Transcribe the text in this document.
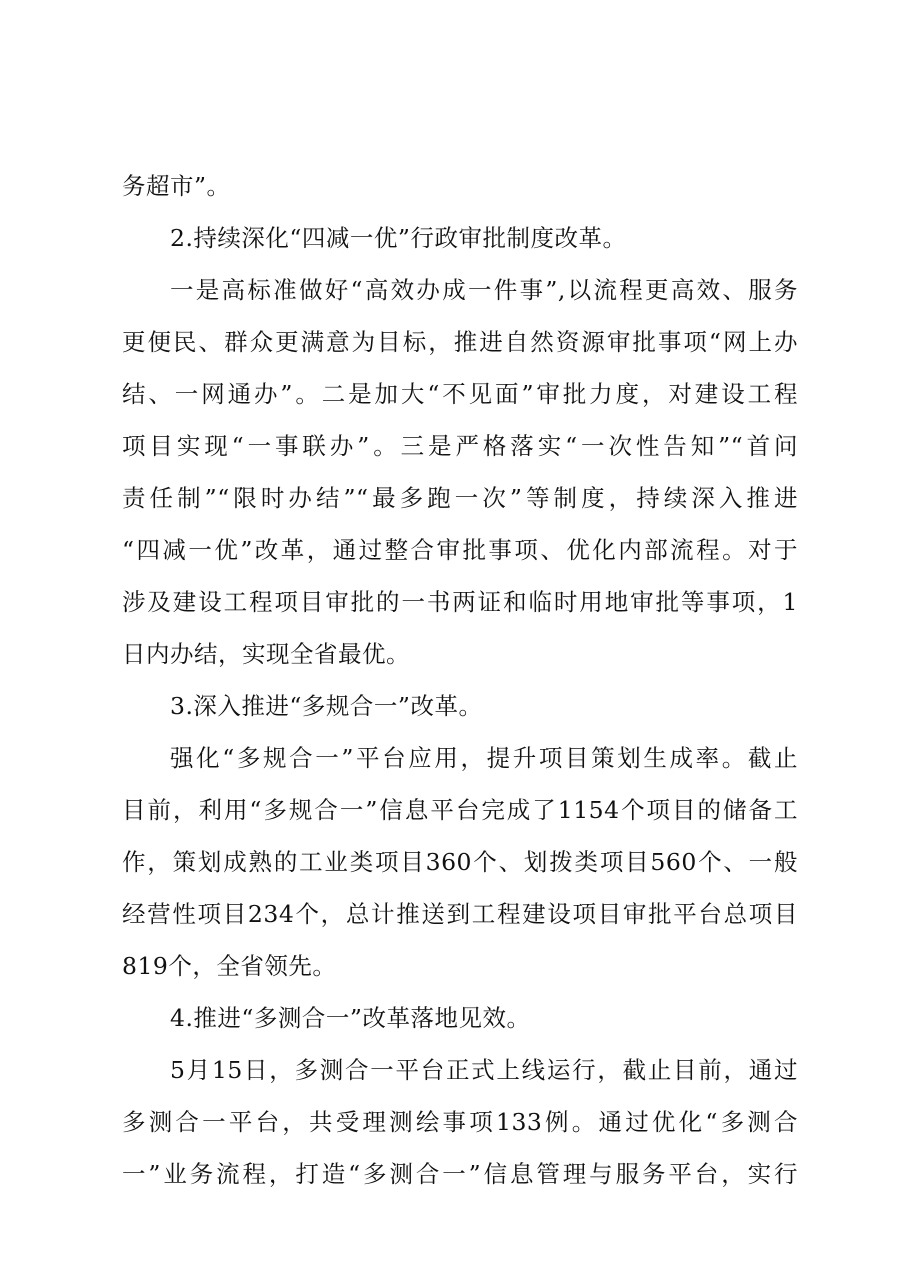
务超市”。
2.持续深化“四减一优”行政审批制度改革。
一是高标准做好“高效办成一件事”,以流程更高效、服务
更便民、群众更满意为目标，推进自然资源审批事项“网上办
结、一网通办”。二是加大“不见面”审批力度，对建设工程
项目实现“一事联办”。三是严格落实“一次性告知”“首问
责任制”“限时办结”“最多跑一次”等制度，持续深入推进
“四减一优”改革，通过整合审批事项、优化内部流程。对于
涉及建设工程项目审批的一书两证和临时用地审批等事项，1
日内办结，实现全省最优。
3.深入推进“多规合一”改革。
强化“多规合一”平台应用，提升项目策划生成率。截止
目前，利用“多规合一”信息平台完成了1154个项目的储备工
作，策划成熟的工业类项目360个、划拨类项目560个、一般
经营性项目234个，总计推送到工程建设项目审批平台总项目
819个，全省领先。
4.推进“多测合一”改革落地见效。
5月15日，多测合一平台正式上线运行，截止目前，通过
多测合一平台，共受理测绘事项133例。通过优化“多测合
一”业务流程，打造“多测合一”信息管理与服务平台，实行
